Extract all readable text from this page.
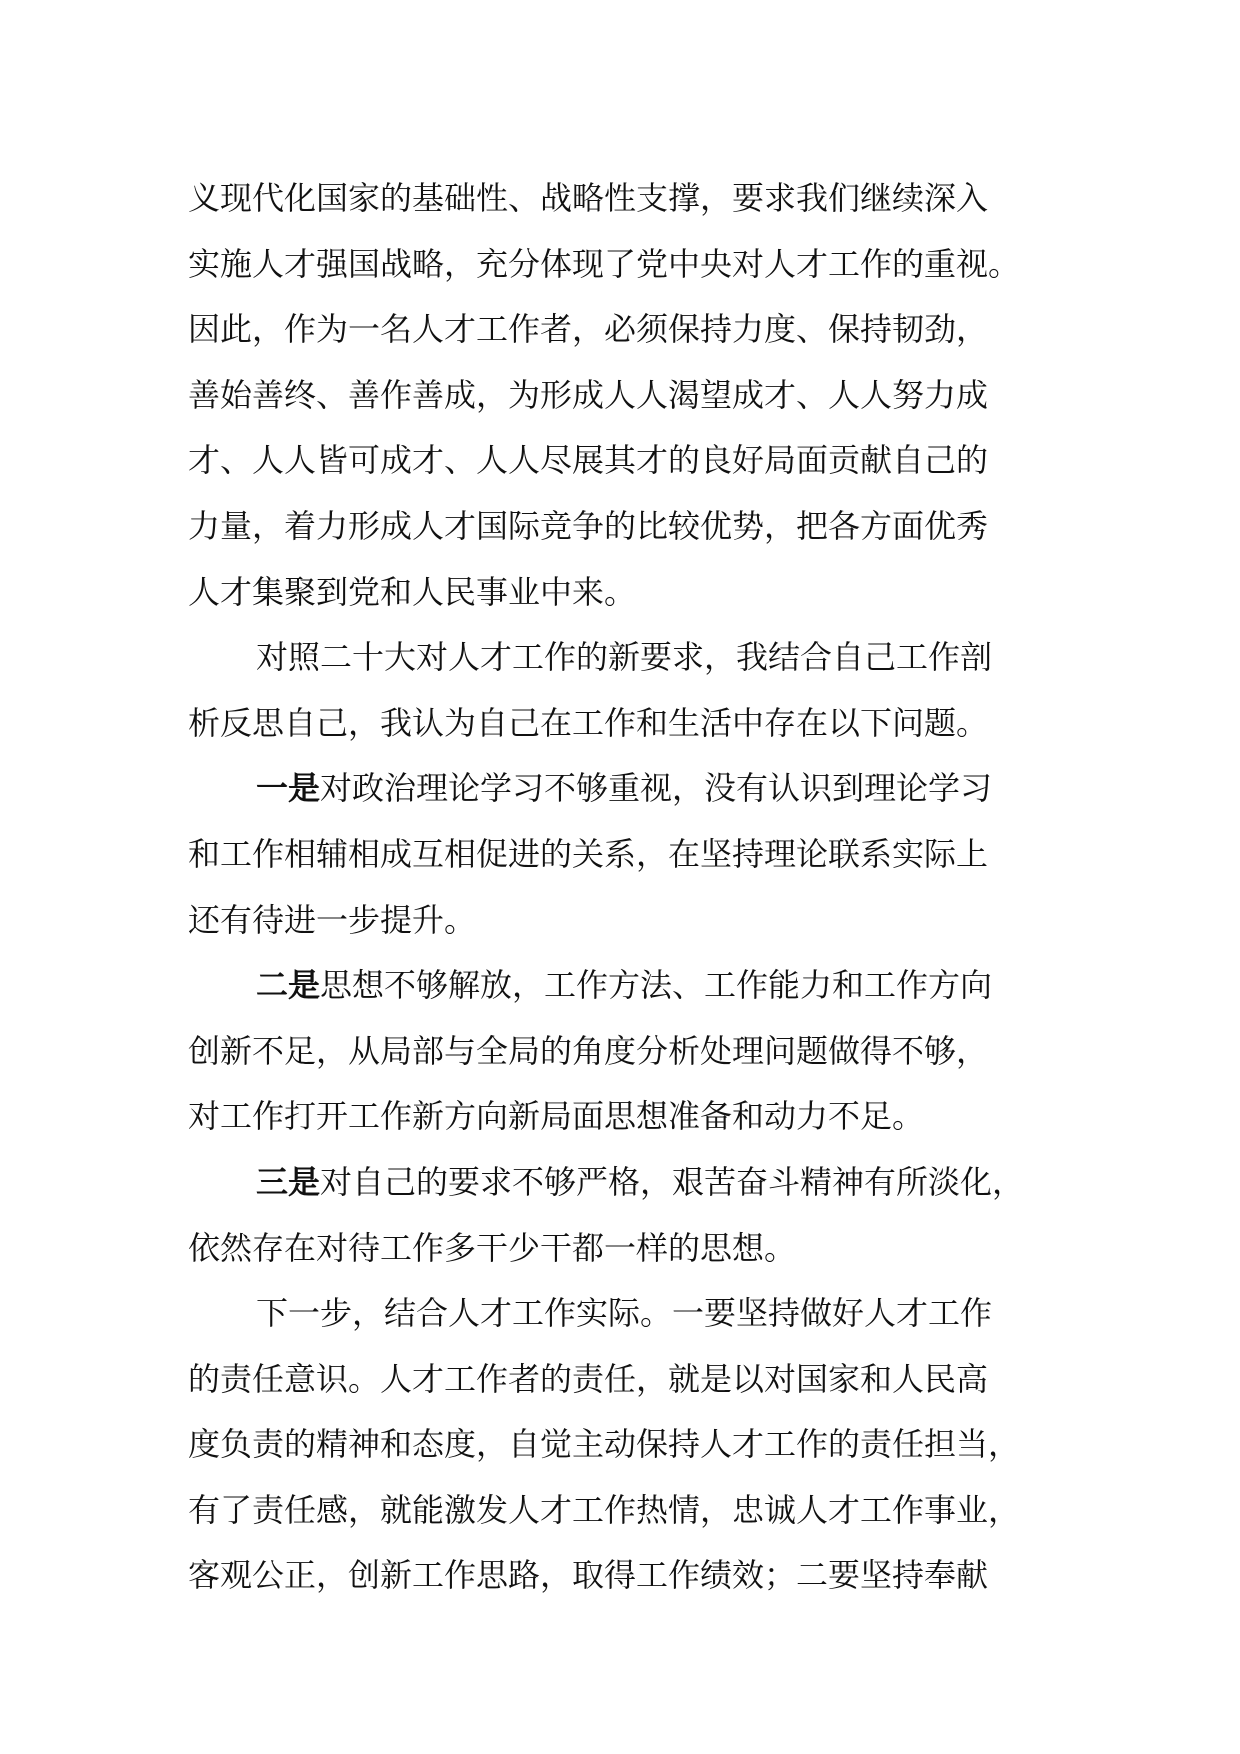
义现代化国家的基础性、战略性支撑，要求我们继续深入
实施人才强国战略，充分体现了党中央对人才工作的重视。
因此，作为一名人才工作者，必须保持力度、保持韧劲，
善始善终、善作善成，为形成人人渴望成才、人人努力成
才、人人皆可成才、人人尽展其才的良好局面贡献自己的
力量，着力形成人才国际竞争的比较优势，把各方面优秀
人才集聚到党和人民事业中来。
对照二十大对人才工作的新要求，我结合自己工作剖
析反思自己，我认为自己在工作和生活中存在以下问题。
一是对政治理论学习不够重视，没有认识到理论学习
和工作相辅相成互相促进的关系，在坚持理论联系实际上
还有待进一步提升。
二是思想不够解放，工作方法、工作能力和工作方向
创新不足，从局部与全局的角度分析处理问题做得不够，
对工作打开工作新方向新局面思想准备和动力不足。
三是对自己的要求不够严格，艰苦奋斗精神有所淡化，
依然存在对待工作多干少干都一样的思想。
下一步，结合人才工作实际。一要坚持做好人才工作
的责任意识。人才工作者的责任，就是以对国家和人民高
度负责的精神和态度，自觉主动保持人才工作的责任担当，
有了责任感，就能激发人才工作热情，忠诚人才工作事业，
客观公正，创新工作思路，取得工作绩效；二要坚持奉献
